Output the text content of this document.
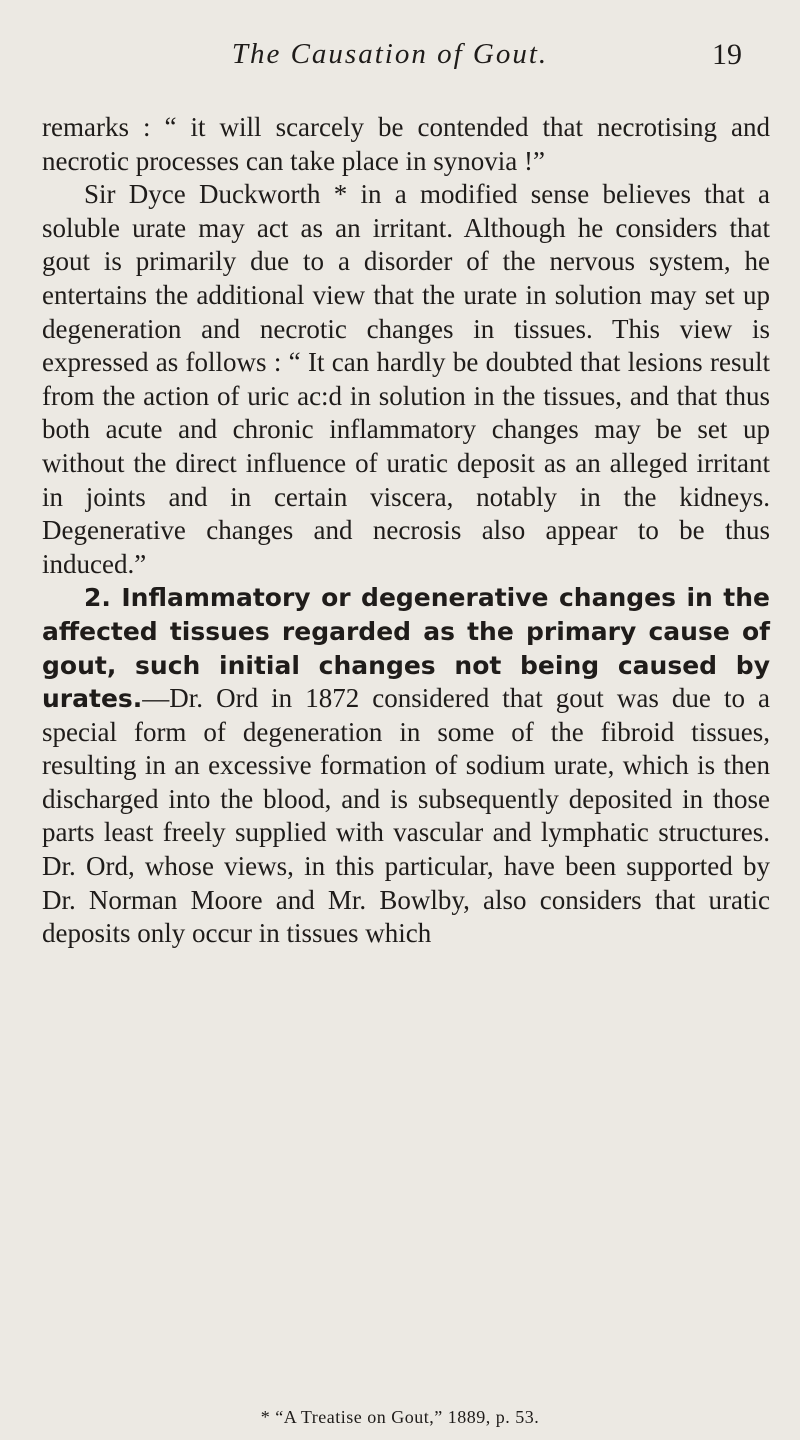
The Causation of Gout.	19

remarks : “ it will scarcely be contended that necrotising and necrotic processes can take place in synovia !”

Sir Dyce Duckworth * in a modified sense believes that a soluble urate may act as an irritant. Although he considers that gout is primarily due to a disorder of the nervous system, he entertains the additional view that the urate in solution may set up degeneration and necrotic changes in tissues. This view is expressed as follows : “ It can hardly be doubted that lesions result from the action of uric ac:d in solution in the tissues, and that thus both acute and chronic inflammatory changes may be set up without the direct influence of uratic deposit as an alleged irritant in joints and in certain viscera, notably in the kidneys. Degenerative changes and necrosis also appear to be thus induced.”

2. Inflammatory or degenerative changes in the affected tissues regarded as the primary cause of gout, such initial changes not being caused by urates.—Dr. Ord in 1872 considered that gout was due to a special form of degeneration in some of the fibroid tissues, resulting in an excessive formation of sodium urate, which is then discharged into the blood, and is subsequently deposited in those parts least freely supplied with vascular and lymphatic structures. Dr. Ord, whose views, in this particular, have been supported by Dr. Norman Moore and Mr. Bowlby, also considers that uratic deposits only occur in tissues which

* “A Treatise on Gout,” 1889, p. 53.
